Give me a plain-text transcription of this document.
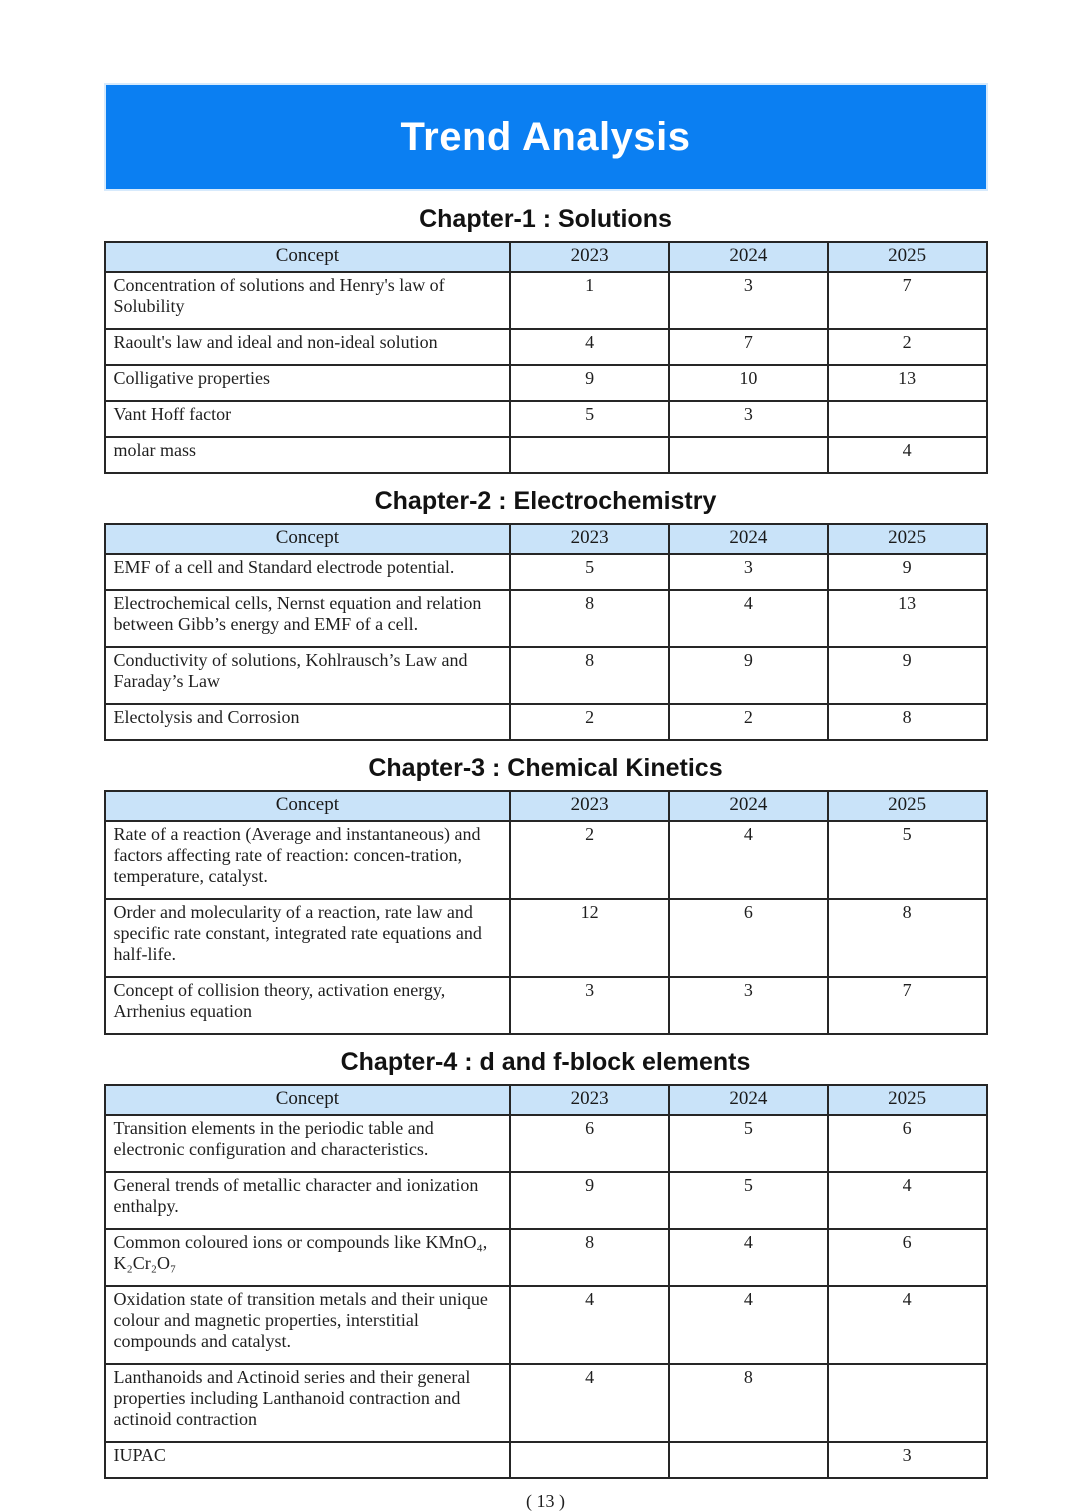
Trend Analysis
Chapter-1 : Solutions
Concept	2023	2024	2025
Concentration of solutions and Henry's law of Solubility	1	3	7
Raoult's law and ideal and non-ideal solution	4	7	2
Colligative properties	9	10	13
Vant Hoff factor	5	3	
molar mass			4
Chapter-2 : Electrochemistry
Concept	2023	2024	2025
EMF of a cell and Standard electrode potential.	5	3	9
Electrochemical cells, Nernst equation and relation between Gibb’s energy and EMF of a cell.	8	4	13
Conductivity of solutions, Kohlrausch’s Law and Faraday’s Law	8	9	9
Electolysis and Corrosion	2	2	8
Chapter-3 : Chemical Kinetics
Concept	2023	2024	2025
Rate of a reaction (Average and instantaneous) and factors affecting rate of reaction: concen-tration, temperature, catalyst.	2	4	5
Order and molecularity of a reaction, rate law and specific rate constant, integrated rate equations and half-life.	12	6	8
Concept of collision theory, activation energy, Arrhenius equation	3	3	7
Chapter-4 : d and f-block elements
Concept	2023	2024	2025
Transition elements in the periodic table and electronic configuration and characteristics.	6	5	6
General trends of metallic character and ionization enthalpy.	9	5	4
Common coloured ions or compounds like KMnO₄, K₂Cr₂O₇	8	4	6
Oxidation state of transition metals and their unique colour and magnetic properties, interstitial compounds and catalyst.	4	4	4
Lanthanoids and Actinoid series and their general properties including Lanthanoid contraction and actinoid contraction	4	8	
IUPAC			3
( 13 )
